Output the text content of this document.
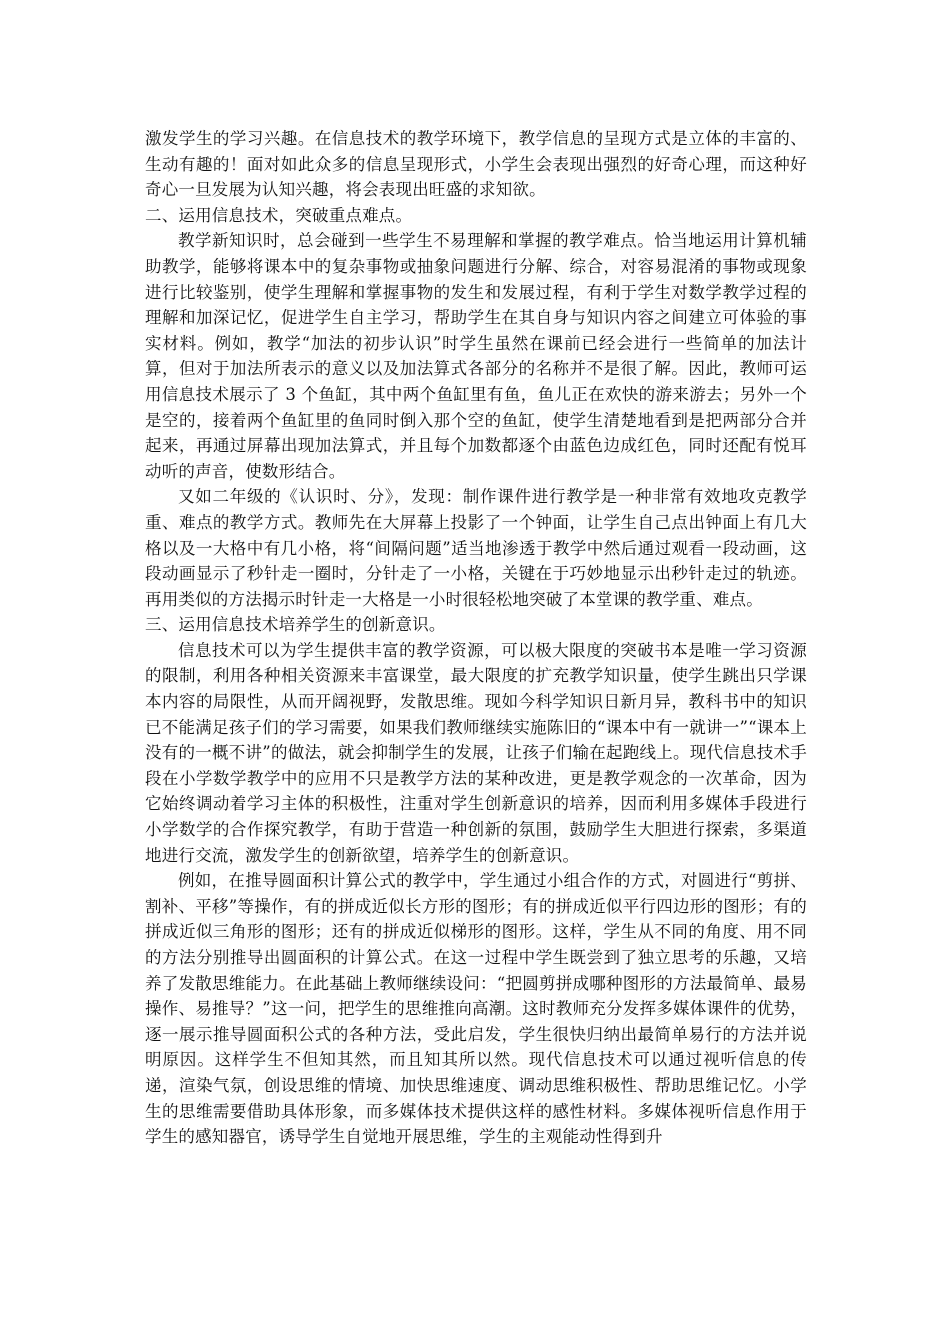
激发学生的学习兴趣。在信息技术的教学环境下，教学信息的呈现方式是立体的丰富的、生动有趣的！面对如此众多的信息呈现形式，小学生会表现出强烈的好奇心理，而这种好奇心一旦发展为认知兴趣，将会表现出旺盛的求知欲。

二、运用信息技术，突破重点难点。

教学新知识时，总会碰到一些学生不易理解和掌握的教学难点。恰当地运用计算机辅助教学，能够将课本中的复杂事物或抽象问题进行分解、综合，对容易混淆的事物或现象进行比较鉴别，使学生理解和掌握事物的发生和发展过程，有利于学生对数学教学过程的理解和加深记忆，促进学生自主学习，帮助学生在其自身与知识内容之间建立可体验的事实材料。例如，教学“加法的初步认识”时学生虽然在课前已经会进行一些简单的加法计算，但对于加法所表示的意义以及加法算式各部分的名称并不是很了解。因此，教师可运用信息技术展示了 3 个鱼缸，其中两个鱼缸里有鱼，鱼儿正在欢快的游来游去；另外一个是空的，接着两个鱼缸里的鱼同时倒入那个空的鱼缸，使学生清楚地看到是把两部分合并起来，再通过屏幕出现加法算式，并且每个加数都逐个由蓝色边成红色，同时还配有悦耳动听的声音，使数形结合。

又如二年级的《认识时、分》，发现：制作课件进行教学是一种非常有效地攻克教学重、难点的教学方式。教师先在大屏幕上投影了一个钟面，让学生自己点出钟面上有几大格以及一大格中有几小格，将“间隔问题”适当地渗透于教学中然后通过观看一段动画，这段动画显示了秒针走一圈时，分针走了一小格，关键在于巧妙地显示出秒针走过的轨迹。再用类似的方法揭示时针走一大格是一小时很轻松地突破了本堂课的教学重、难点。

三、运用信息技术培养学生的创新意识。

信息技术可以为学生提供丰富的教学资源，可以极大限度的突破书本是唯一学习资源的限制，利用各种相关资源来丰富课堂，最大限度的扩充教学知识量，使学生跳出只学课本内容的局限性，从而开阔视野，发散思维。现如今科学知识日新月异，教科书中的知识已不能满足孩子们的学习需要，如果我们教师继续实施陈旧的“课本中有一就讲一”“课本上没有的一概不讲”的做法，就会抑制学生的发展，让孩子们输在起跑线上。现代信息技术手段在小学数学教学中的应用不只是教学方法的某种改进，更是教学观念的一次革命，因为它始终调动着学习主体的积极性，注重对学生创新意识的培养，因而利用多媒体手段进行小学数学的合作探究教学，有助于营造一种创新的氛围，鼓励学生大胆进行探索，多渠道地进行交流，激发学生的创新欲望，培养学生的创新意识。

例如，在推导圆面积计算公式的教学中，学生通过小组合作的方式，对圆进行“剪拼、割补、平移”等操作，有的拼成近似长方形的图形；有的拼成近似平行四边形的图形；有的拼成近似三角形的图形；还有的拼成近似梯形的图形。这样，学生从不同的角度、用不同的方法分别推导出圆面积的计算公式。在这一过程中学生既尝到了独立思考的乐趣，又培养了发散思维能力。在此基础上教师继续设问：“把圆剪拼成哪种图形的方法最简单、最易操作、易推导？”这一问，把学生的思维推向高潮。这时教师充分发挥多媒体课件的优势，逐一展示推导圆面积公式的各种方法，受此启发，学生很快归纳出最简单易行的方法并说明原因。这样学生不但知其然，而且知其所以然。现代信息技术可以通过视听信息的传递，渲染气氛，创设思维的情境、加快思维速度、调动思维积极性、帮助思维记忆。小学生的思维需要借助具体形象，而多媒体技术提供这样的感性材料。多媒体视听信息作用于学生的感知器官，诱导学生自觉地开展思维，学生的主观能动性得到升
